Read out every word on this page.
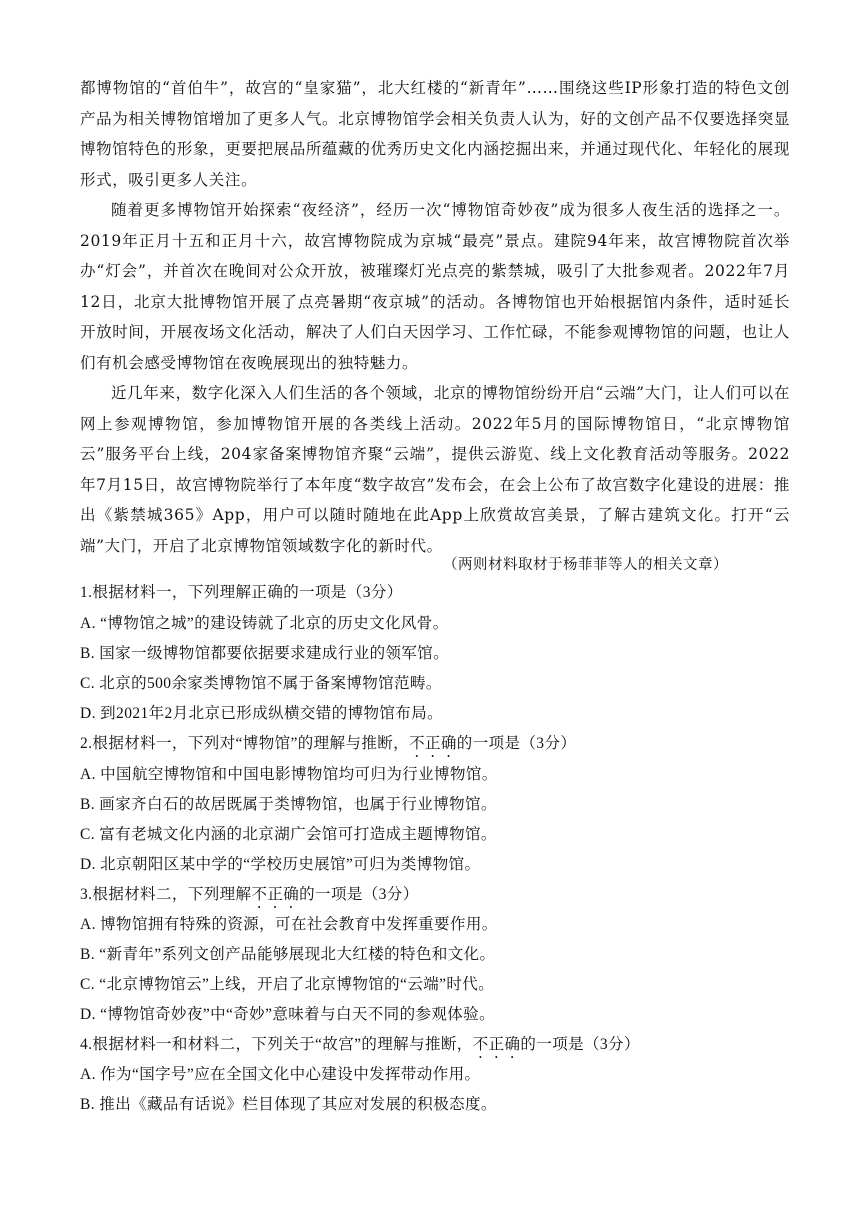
都博物馆的“首伯牛”，故宫的“皇家猫”，北大红楼的“新青年”……围绕这些IP形象打造的特色文创产品为相关博物馆增加了更多人气。北京博物馆学会相关负责人认为，好的文创产品不仅要选择突显博物馆特色的形象，更要把展品所蕴藏的优秀历史文化内涵挖掘出来，并通过现代化、年轻化的展现形式，吸引更多人关注。

随着更多博物馆开始探索“夜经济”，经历一次“博物馆奇妙夜”成为很多人夜生活的选择之一。2019年正月十五和正月十六，故宫博物院成为京城“最亮”景点。建院94年来，故宫博物院首次举办“灯会”，并首次在晚间对公众开放，被璀璨灯光点亮的紫禁城，吸引了大批参观者。2022年7月12日，北京大批博物馆开展了点亮暑期“夜京城”的活动。各博物馆也开始根据馆内条件，适时延长开放时间，开展夜场文化活动，解决了人们白天因学习、工作忙碌，不能参观博物馆的问题，也让人们有机会感受博物馆在夜晚展现出的独特魅力。

近几年来，数字化深入人们生活的各个领域，北京的博物馆纷纷开启“云端”大门，让人们可以在网上参观博物馆，参加博物馆开展的各类线上活动。2022年5月的国际博物馆日，“北京博物馆云”服务平台上线，204家备案博物馆齐聚“云端”，提供云游览、线上文化教育活动等服务。2022年7月15日，故宫博物院举行了本年度“数字故宫”发布会，在会上公布了故宫数字化建设的进展：推出《紫禁城365》App，用户可以随时随地在此App上欣赏故宫美景，了解古建筑文化。打开“云端”大门，开启了北京博物馆领域数字化的新时代。

（两则材料取材于杨菲菲等人的相关文章）

1.根据材料一，下列理解正确的一项是（3分）

A. “博物馆之城”的建设铸就了北京的历史文化风骨。

B. 国家一级博物馆都要依据要求建成行业的领军馆。

C. 北京的500余家类博物馆不属于备案博物馆范畴。

D. 到2021年2月北京已形成纵横交错的博物馆布局。

2.根据材料一，下列对“博物馆”的理解与推断，不正确的一项是（3分）

A. 中国航空博物馆和中国电影博物馆均可归为行业博物馆。

B. 画家齐白石的故居既属于类博物馆，也属于行业博物馆。

C. 富有老城文化内涵的北京湖广会馆可打造成主题博物馆。

D. 北京朝阳区某中学的“学校历史展馆”可归为类博物馆。

3.根据材料二，下列理解不正确的一项是（3分）

A. 博物馆拥有特殊的资源，可在社会教育中发挥重要作用。

B. “新青年”系列文创产品能够展现北大红楼的特色和文化。

C. “北京博物馆云”上线，开启了北京博物馆的“云端”时代。

D. “博物馆奇妙夜”中“奇妙”意味着与白天不同的参观体验。

4.根据材料一和材料二，下列关于“故宫”的理解与推断，不正确的一项是（3分）

A. 作为“国字号”应在全国文化中心建设中发挥带动作用。

B. 推出《藏品有话说》栏目体现了其应对发展的积极态度。
